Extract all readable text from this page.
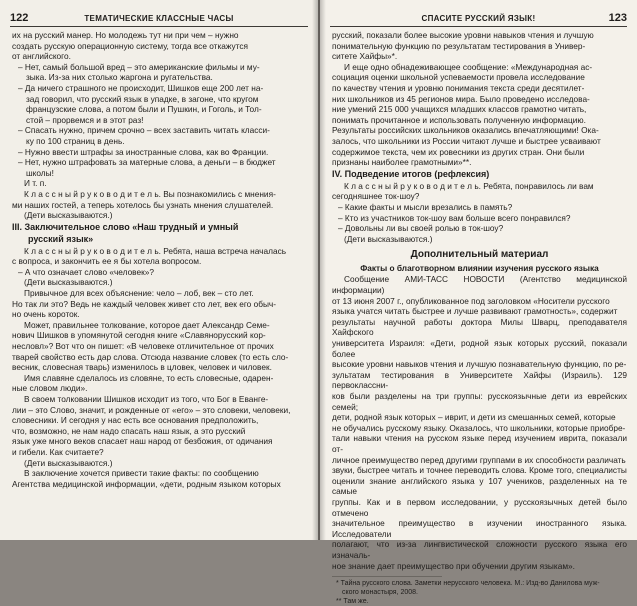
122	ТЕМАТИЧЕСКИЕ КЛАССНЫЕ ЧАСЫ

их на русский манер. Но молодежь тут ни при чем – нужно

создать русскую операционную систему, тогда все откажутся

от английского.

– Нет, самый большой вред – это американские фильмы и му-

зыка. Из-за них столько жаргона и ругательства.

– Да ничего страшного не происходит, Шишков еще 200 лет на-

зад говорил, что русский язык в упадке, в загоне, что кругом

французские слова, а потом были и Пушкин, и Гоголь, и Тол-

стой – прорвемся и в этот раз!

– Спасать нужно, причем срочно – всех заставить читать класси-

ку по 100 страниц в день.

– Нужно ввести штрафы за иностранные слова, как во Франции.

– Нет, нужно штрафовать за матерные слова, а деньги – в бюджет

школы!

И т. п.

К л а с с н ы й р у к о в о д и т е л ь. Вы познакомились с мнения-

ми наших гостей, а теперь хотелось бы узнать мнения слушателей.

(Дети высказываются.)

III. Заключительное слово «Наш трудный и умный

русский язык»

К л а с с н ы й р у к о в о д и т е л ь. Ребята, наша встреча началась

с вопроса, и закончить ее я бы хотела вопросом.

– А что означает слово «человек»?

(Дети высказываются.)

Привычное для всех объяснение: чело – лоб, век – сто лет.

Но так ли это? Ведь не каждый человек живет сто лет, век его обыч-

но очень короток.

Может, правильнее толкование, которое дает Александр Семе-

нович Шишков в упомянутой сегодня книге «Славянорусский кор-

несловл»? Вот что он пишет: «В человеке отличительное от прочих

тварей свойство есть дар слова. Отсюда название словек (то есть сло-

весник, словесная тварь) изменилось в цловек, человек и чиловек.

Имя славяне сделалось из словяне, то есть словесные, одарен-

ные словом люди».

В своем толковании Шишков исходит из того, что Бог в Еванге-

лии – это Слово, значит, и рожденные от «его» – это словеки, человеки,

словесники. И сегодня у нас есть все основания предположить,

что, возможно, не нам надо спасать наш язык, а это русский

язык уже много веков спасает наш народ от безбожия, от одичания

и гибели. Как считаете?

(Дети высказываются.)

В заключение хочется привести такие факты: по сообщению

Агентства медицинской информации, «дети, родным языком которых

СПАСИТЕ РУССКИЙ ЯЗЫК!	123

русский, показали более высокие уровни навыков чтения и лучшую

понимательную функцию по результатам тестирования в Универ-

ситете Хайфы»*.

И еще одно обнадеживающее сообщение: «Международная ас-

социация оценки школьной успеваемости провела исследование

по качеству чтения и уровню понимания текста среди десятилет-

них школьников из 45 регионов мира. Было проведено исследова-

ние умений 215 000 учащихся младших классов грамотно читать,

понимать прочитанное и использовать полученную информацию.

Результаты российских школьников оказались впечатляющими! Ока-

залось, что школьники из России читают лучше и быстрее усваивают

содержимое текста, чем их ровесники из других стран. Они были

признаны наиболее грамотными»**.

IV. Подведение итогов (рефлексия)

К л а с с н ы й р у к о в о д и т е л ь. Ребята, понравилось ли вам

сегодняшнее ток-шоу?

– Какие факты и мысли врезались в память?

– Кто из участников ток-шоу вам больше всего понравился?

– Довольны ли вы своей ролью в ток-шоу?

(Дети высказываются.)

Дополнительный материал

Факты о благотворном влиянии изучения русского языка

Сообщение АМИ-ТАСС НОВОСТИ (Агентство медицинской информации)

от 13 июня 2007 г., опубликованное под заголовком «Носители русского

языка учатся читать быстрее и лучше развивают грамотность», содержит

результаты научной работы доктора Милы Шварц, преподавателя Хайфского

университета Израиля: «Дети, родной язык которых русский, показали более

высокие уровни навыков чтения и лучшую познавательную функцию, по ре-

зультатам тестирования в Университете Хайфы (Израиль). 129 первоклассни-

ков были разделены на три группы: русскоязычные дети из еврейских семей;

дети, родной язык которых – иврит, и дети из смешанных семей, которые

не обучались русскому языку. Оказалось, что школьники, которые приобре-

тали навыки чтения на русском языке перед изучением иврита, показали от-

личное преимущество перед другими группами в их способности различать

звуки, быстрее читать и точнее переводить слова. Кроме того, специалисты

оценили знание английского языка у 107 учеников, разделенных на те самые

группы. Как и в первом исследовании, у русскоязычных детей было отмечено

значительное преимущество в изучении иностранного языка. Исследователи

полагают, что из-за лингвистической сложности русского языка его изначаль-

ное знание дает преимущество при обучении другим языкам».

* Тайна русского слова. Заметки нерусского человека. М.: Изд-во Данилова муж-

ского монастыря, 2008.

** Там же.
